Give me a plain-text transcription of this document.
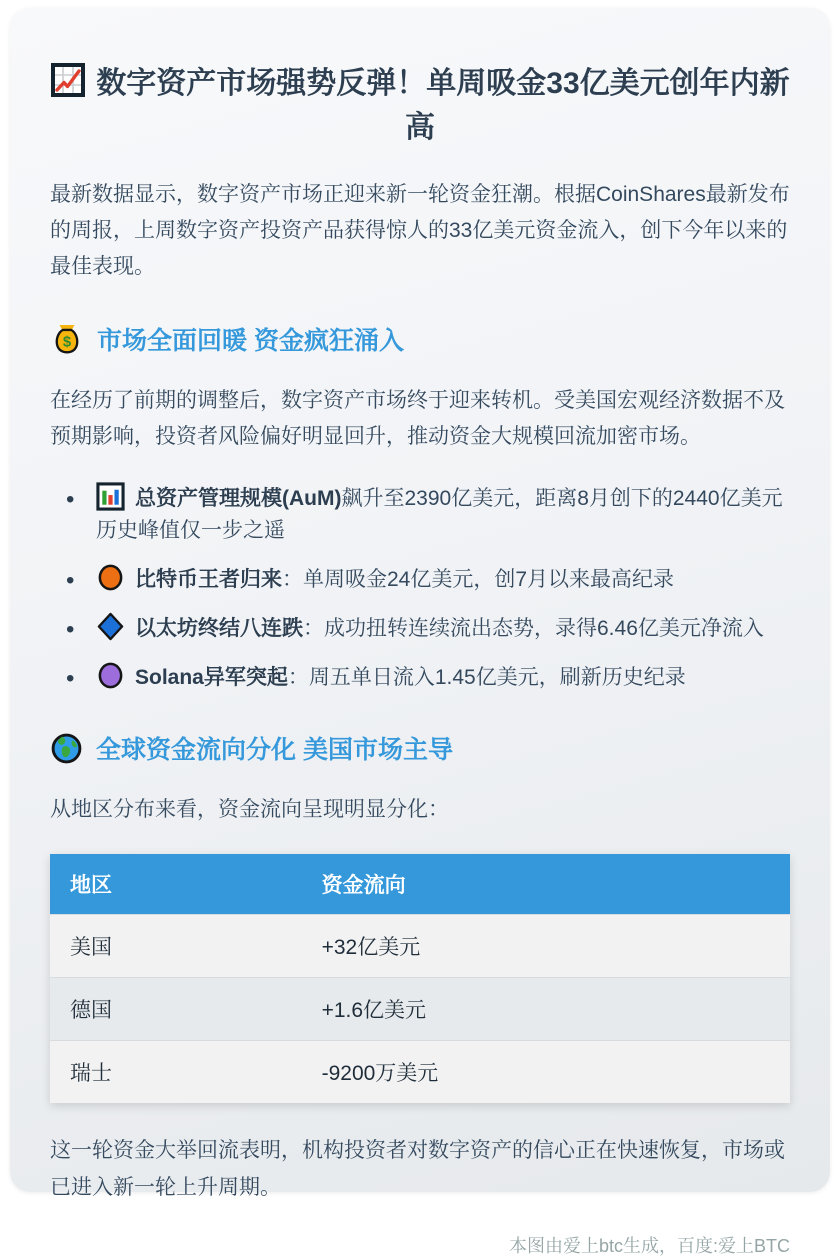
数字资产市场强势反弹！单周吸金33亿美元创年内新高

最新数据显示，数字资产市场正迎来新一轮资金狂潮。根据CoinShares最新发布的周报，上周数字资产投资产品获得惊人的33亿美元资金流入，创下今年以来的最佳表现。

$ 市场全面回暖 资金疯狂涌入

在经历了前期的调整后，数字资产市场终于迎来转机。受美国宏观经济数据不及预期影响，投资者风险偏好明显回升，推动资金大规模回流加密市场。

• 总资产管理规模(AuM)飙升至2390亿美元，距离8月创下的2440亿美元历史峰值仅一步之遥
• 比特币王者归来：单周吸金24亿美元，创7月以来最高纪录
• 以太坊终结八连跌：成功扭转连续流出态势，录得6.46亿美元净流入
• Solana异军突起：周五单日流入1.45亿美元，刷新历史纪录
全球资金流向分化 美国市场主导

从地区分布来看，资金流向呈现明显分化：

地区	资金流向
美国	+32亿美元
德国	+1.6亿美元
瑞士	-9200万美元

这一轮资金大举回流表明，机构投资者对数字资产的信心正在快速恢复，市场或已进入新一轮上升周期。

本图由爱上btc生成，百度:爱上BTC
